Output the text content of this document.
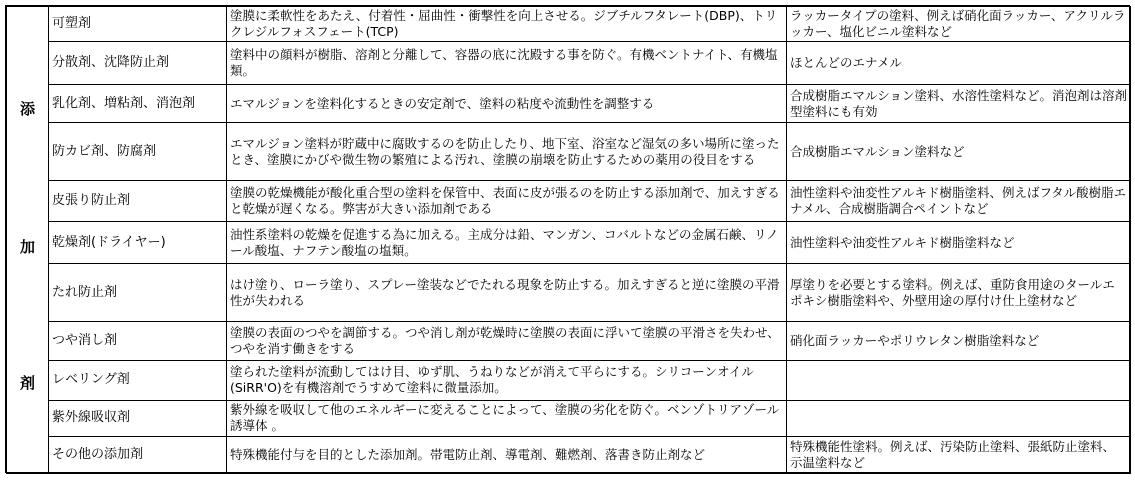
添
加
剤	可塑剤	塗膜に柔軟性をあたえ、付着性・屈曲性・衝撃性を向上させる。ジブチルフタレート(DBP)、トリクレジルフォスフェート(TCP)	ラッカータイプの塗料、例えば硝化面ラッカー、アクリルラッカー、塩化ビニル塗料など
	分散剤、沈降防止剤	塗料中の顔料が樹脂、溶剤と分離して、容器の底に沈殿する事を防ぐ。有機ベントナイト、有機塩類。	ほとんどのエナメル
	乳化剤、増粘剤、消泡剤	エマルジョンを塗料化するときの安定剤で、塗料の粘度や流動性を調整する	合成樹脂エマルション塗料、水溶性塗料など。消泡剤は溶剤型塗料にも有効
	防カビ剤、防腐剤	エマルジョン塗料が貯蔵中に腐敗するのを防止したり、地下室、浴室など湿気の多い場所に塗ったとき、塗膜にかびや微生物の繁殖による汚れ、塗膜の崩壊を防止するための薬用の役目をする	合成樹脂エマルション塗料など
	皮張り防止剤	塗膜の乾燥機能が酸化重合型の塗料を保管中、表面に皮が張るのを防止する添加剤で、加えすぎると乾燥が遅くなる。弊害が大きい添加剤である	油性塗料や油変性アルキド樹脂塗料、例えばフタル酸樹脂エナメル、合成樹脂調合ペイントなど
	乾燥剤(ドライヤー)	油性系塗料の乾燥を促進する為に加える。主成分は鉛、マンガン、コバルトなどの金属石鹸、リノール酸塩、ナフテン酸塩の塩類。	油性塗料や油変性アルキド樹脂塗料など
	たれ防止剤	はけ塗り、ローラ塗り、スプレー塗装などでたれる現象を防止する。加えすぎると逆に塗膜の平滑性が失われる	厚塗りを必要とする塗料。例えば、重防食用途のタールエポキシ樹脂塗料や、外壁用途の厚付け仕上塗材など
	つや消し剤	塗膜の表面のつやを調節する。つや消し剤が乾燥時に塗膜の表面に浮いて塗膜の平滑さを失わせ、つやを消す働きをする	硝化面ラッカーやポリウレタン樹脂塗料など
	レベリング剤	塗られた塗料が流動してはけ目、ゆず肌、うねりなどが消えて平らにする。シリコーンオイル (SiRR'O)を有機溶剤でうすめて塗料に微量添加。	
	紫外線吸収剤	紫外線を吸収して他のエネルギーに変えることによって、塗膜の劣化を防ぐ。ベンゾトリアゾール誘導体 。	
	その他の添加剤	特殊機能付与を目的とした添加剤。帯電防止剤、導電剤、難燃剤、落書き防止剤など	特殊機能性塗料。例えば、汚染防止塗料、張紙防止塗料、示温塗料など
